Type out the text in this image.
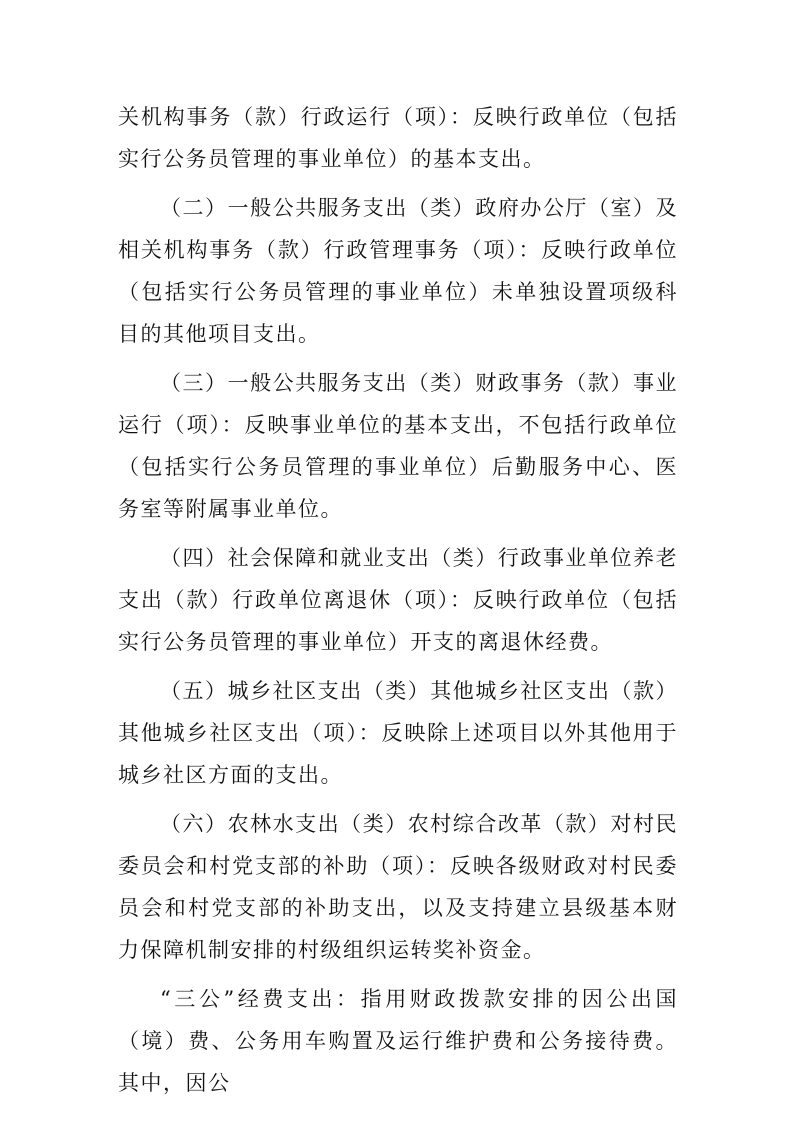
关机构事务（款）行政运行（项）：反映行政单位（包括实行公务员管理的事业单位）的基本支出。

（二）一般公共服务支出（类）政府办公厅（室）及相关机构事务（款）行政管理事务（项）：反映行政单位（包括实行公务员管理的事业单位）未单独设置项级科目的其他项目支出。

（三）一般公共服务支出（类）财政事务（款）事业运行（项）：反映事业单位的基本支出，不包括行政单位（包括实行公务员管理的事业单位）后勤服务中心、医务室等附属事业单位。

（四）社会保障和就业支出（类）行政事业单位养老支出（款）行政单位离退休（项）：反映行政单位（包括实行公务员管理的事业单位）开支的离退休经费。

（五）城乡社区支出（类）其他城乡社区支出（款）其他城乡社区支出（项）：反映除上述项目以外其他用于城乡社区方面的支出。

（六）农林水支出（类）农村综合改革（款）对村民委员会和村党支部的补助（项）：反映各级财政对村民委员会和村党支部的补助支出，以及支持建立县级基本财力保障机制安排的村级组织运转奖补资金。

“三公”经费支出：指用财政拨款安排的因公出国（境）费、公务用车购置及运行维护费和公务接待费。其中，因公
